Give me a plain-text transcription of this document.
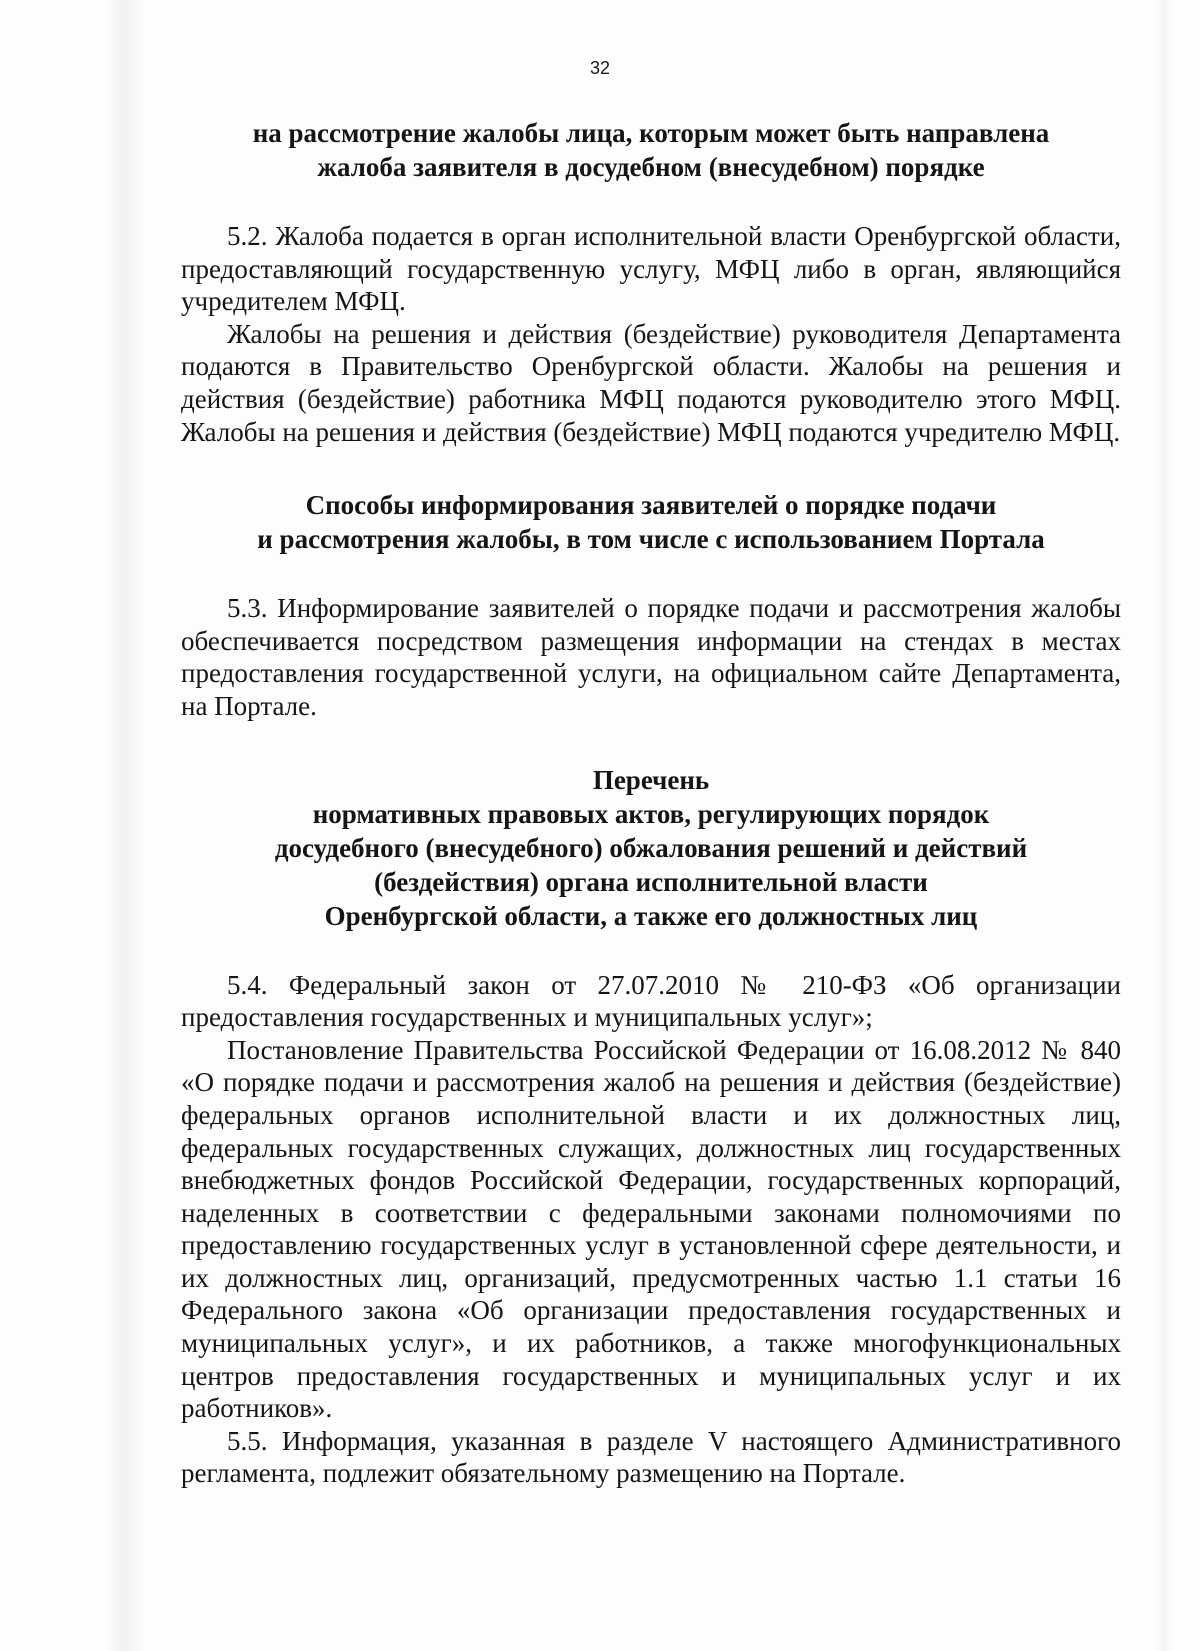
32
на рассмотрение жалобы лица, которым может быть направлена
жалоба заявителя в досудебном (внесудебном) порядке

5.2. Жалоба подается в орган исполнительной власти Оренбургской области, предоставляющий государственную услугу, МФЦ либо в орган, являющийся учредителем МФЦ.

Жалобы на решения и действия (бездействие) руководителя Департамента подаются в Правительство Оренбургской области. Жалобы на решения и действия (бездействие) работника МФЦ подаются руководителю этого МФЦ. Жалобы на решения и действия (бездействие) МФЦ подаются учредителю МФЦ.

Способы информирования заявителей о порядке подачи
и рассмотрения жалобы, в том числе с использованием Портала

5.3. Информирование заявителей о порядке подачи и рассмотрения жалобы обеспечивается посредством размещения информации на стендах в местах предоставления государственной услуги, на официальном сайте Департамента, на Портале.

Перечень
нормативных правовых актов, регулирующих порядок
досудебного (внесудебного) обжалования решений и действий
(бездействия) органа исполнительной власти
Оренбургской области, а также его должностных лиц

5.4. Федеральный закон от 27.07.2010 № 210-ФЗ «Об организации предоставления государственных и муниципальных услуг»;

Постановление Правительства Российской Федерации от 16.08.2012 № 840 «О порядке подачи и рассмотрения жалоб на решения и действия (бездействие) федеральных органов исполнительной власти и их должностных лиц, федеральных государственных служащих, должностных лиц государственных внебюджетных фондов Российской Федерации, государственных корпораций, наделенных в соответствии с федеральными законами полномочиями по предоставлению государственных услуг в установленной сфере деятельности, и их должностных лиц, организаций, предусмотренных частью 1.1 статьи 16 Федерального закона «Об организации предоставления государственных и муниципальных услуг», и их работников, а также многофункциональных центров предоставления государственных и муниципальных услуг и их работников».

5.5. Информация, указанная в разделе V настоящего Административного регламента, подлежит обязательному размещению на Портале.
